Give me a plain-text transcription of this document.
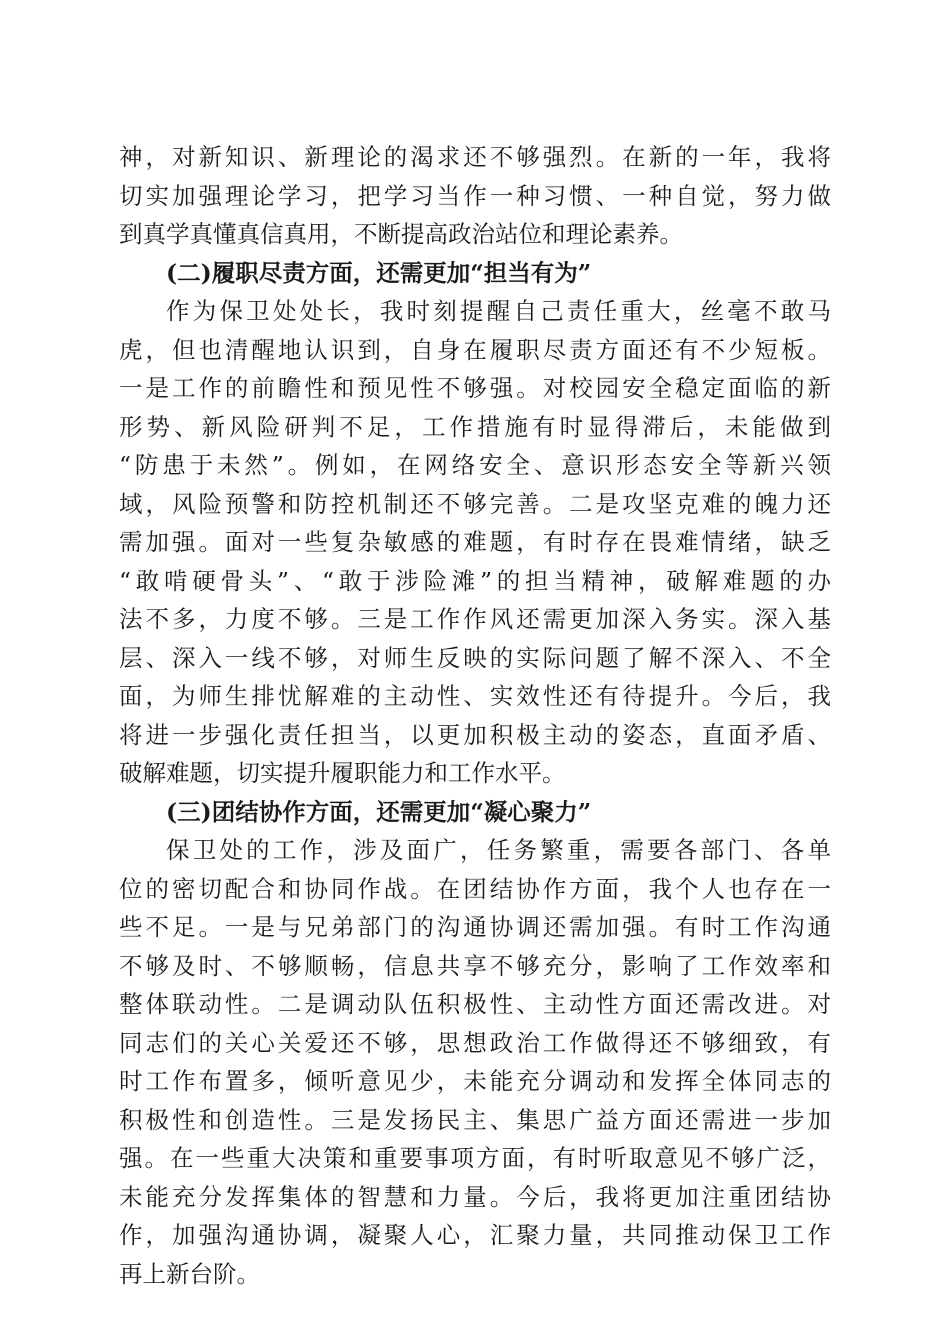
神，对新知识、新理论的渴求还不够强烈。在新的一年，我将
切实加强理论学习，把学习当作一种习惯、一种自觉，努力做
到真学真懂真信真用，不断提高政治站位和理论素养。
(二)履职尽责方面，还需更加“担当有为”
作为保卫处处长，我时刻提醒自己责任重大，丝毫不敢马
虎，但也清醒地认识到，自身在履职尽责方面还有不少短板。
一是工作的前瞻性和预见性不够强。对校园安全稳定面临的新
形势、新风险研判不足，工作措施有时显得滞后，未能做到
“防患于未然”。例如，在网络安全、意识形态安全等新兴领
域，风险预警和防控机制还不够完善。二是攻坚克难的魄力还
需加强。面对一些复杂敏感的难题，有时存在畏难情绪，缺乏
“敢啃硬骨头”、“敢于涉险滩”的担当精神，破解难题的办
法不多，力度不够。三是工作作风还需更加深入务实。深入基
层、深入一线不够，对师生反映的实际问题了解不深入、不全
面，为师生排忧解难的主动性、实效性还有待提升。今后，我
将进一步强化责任担当，以更加积极主动的姿态，直面矛盾、
破解难题，切实提升履职能力和工作水平。
(三)团结协作方面，还需更加“凝心聚力”
保卫处的工作，涉及面广，任务繁重，需要各部门、各单
位的密切配合和协同作战。在团结协作方面，我个人也存在一
些不足。一是与兄弟部门的沟通协调还需加强。有时工作沟通
不够及时、不够顺畅，信息共享不够充分，影响了工作效率和
整体联动性。二是调动队伍积极性、主动性方面还需改进。对
同志们的关心关爱还不够，思想政治工作做得还不够细致，有
时工作布置多，倾听意见少，未能充分调动和发挥全体同志的
积极性和创造性。三是发扬民主、集思广益方面还需进一步加
强。在一些重大决策和重要事项方面，有时听取意见不够广泛，
未能充分发挥集体的智慧和力量。今后，我将更加注重团结协
作，加强沟通协调，凝聚人心，汇聚力量，共同推动保卫工作
再上新台阶。
